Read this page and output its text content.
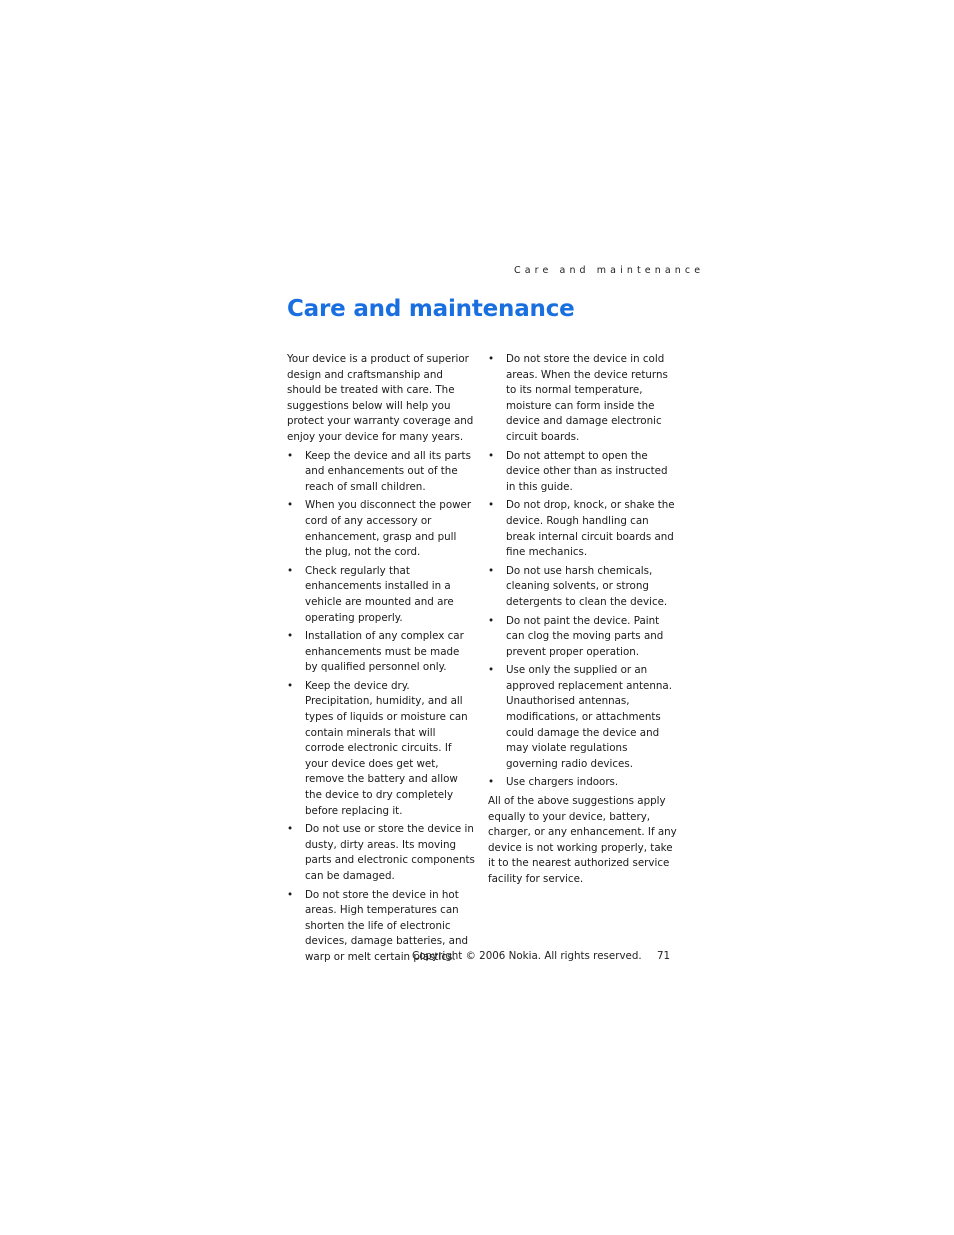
Care and maintenance
Care and maintenance

Your device is a product of superior design and craftsmanship and should be treated with care. The suggestions below will help you protect your warranty coverage and enjoy your device for many years.

• Keep the device and all its parts and enhancements out of the reach of small children.
• When you disconnect the power cord of any accessory or enhancement, grasp and pull the plug, not the cord.
• Check regularly that enhancements installed in a vehicle are mounted and are operating properly.
• Installation of any complex car enhancements must be made by qualified personnel only.
• Keep the device dry. Precipitation, humidity, and all types of liquids or moisture can contain minerals that will corrode electronic circuits. If your device does get wet, remove the battery and allow the device to dry completely before replacing it.
• Do not use or store the device in dusty, dirty areas. Its moving parts and electronic components can be damaged.
• Do not store the device in hot areas. High temperatures can shorten the life of electronic devices, damage batteries, and warp or melt certain plastics.
• Do not store the device in cold areas. When the device returns to its normal temperature, moisture can form inside the device and damage electronic circuit boards.
• Do not attempt to open the device other than as instructed in this guide.
• Do not drop, knock, or shake the device. Rough handling can break internal circuit boards and fine mechanics.
• Do not use harsh chemicals, cleaning solvents, or strong detergents to clean the device.
• Do not paint the device. Paint can clog the moving parts and prevent proper operation.
• Use only the supplied or an approved replacement antenna. Unauthorised antennas, modifications, or attachments could damage the device and may violate regulations governing radio devices.
• Use chargers indoors.

All of the above suggestions apply equally to your device, battery, charger, or any enhancement. If any device is not working properly, take it to the nearest authorized service facility for service.

Copyright © 2006 Nokia. All rights reserved. 71
